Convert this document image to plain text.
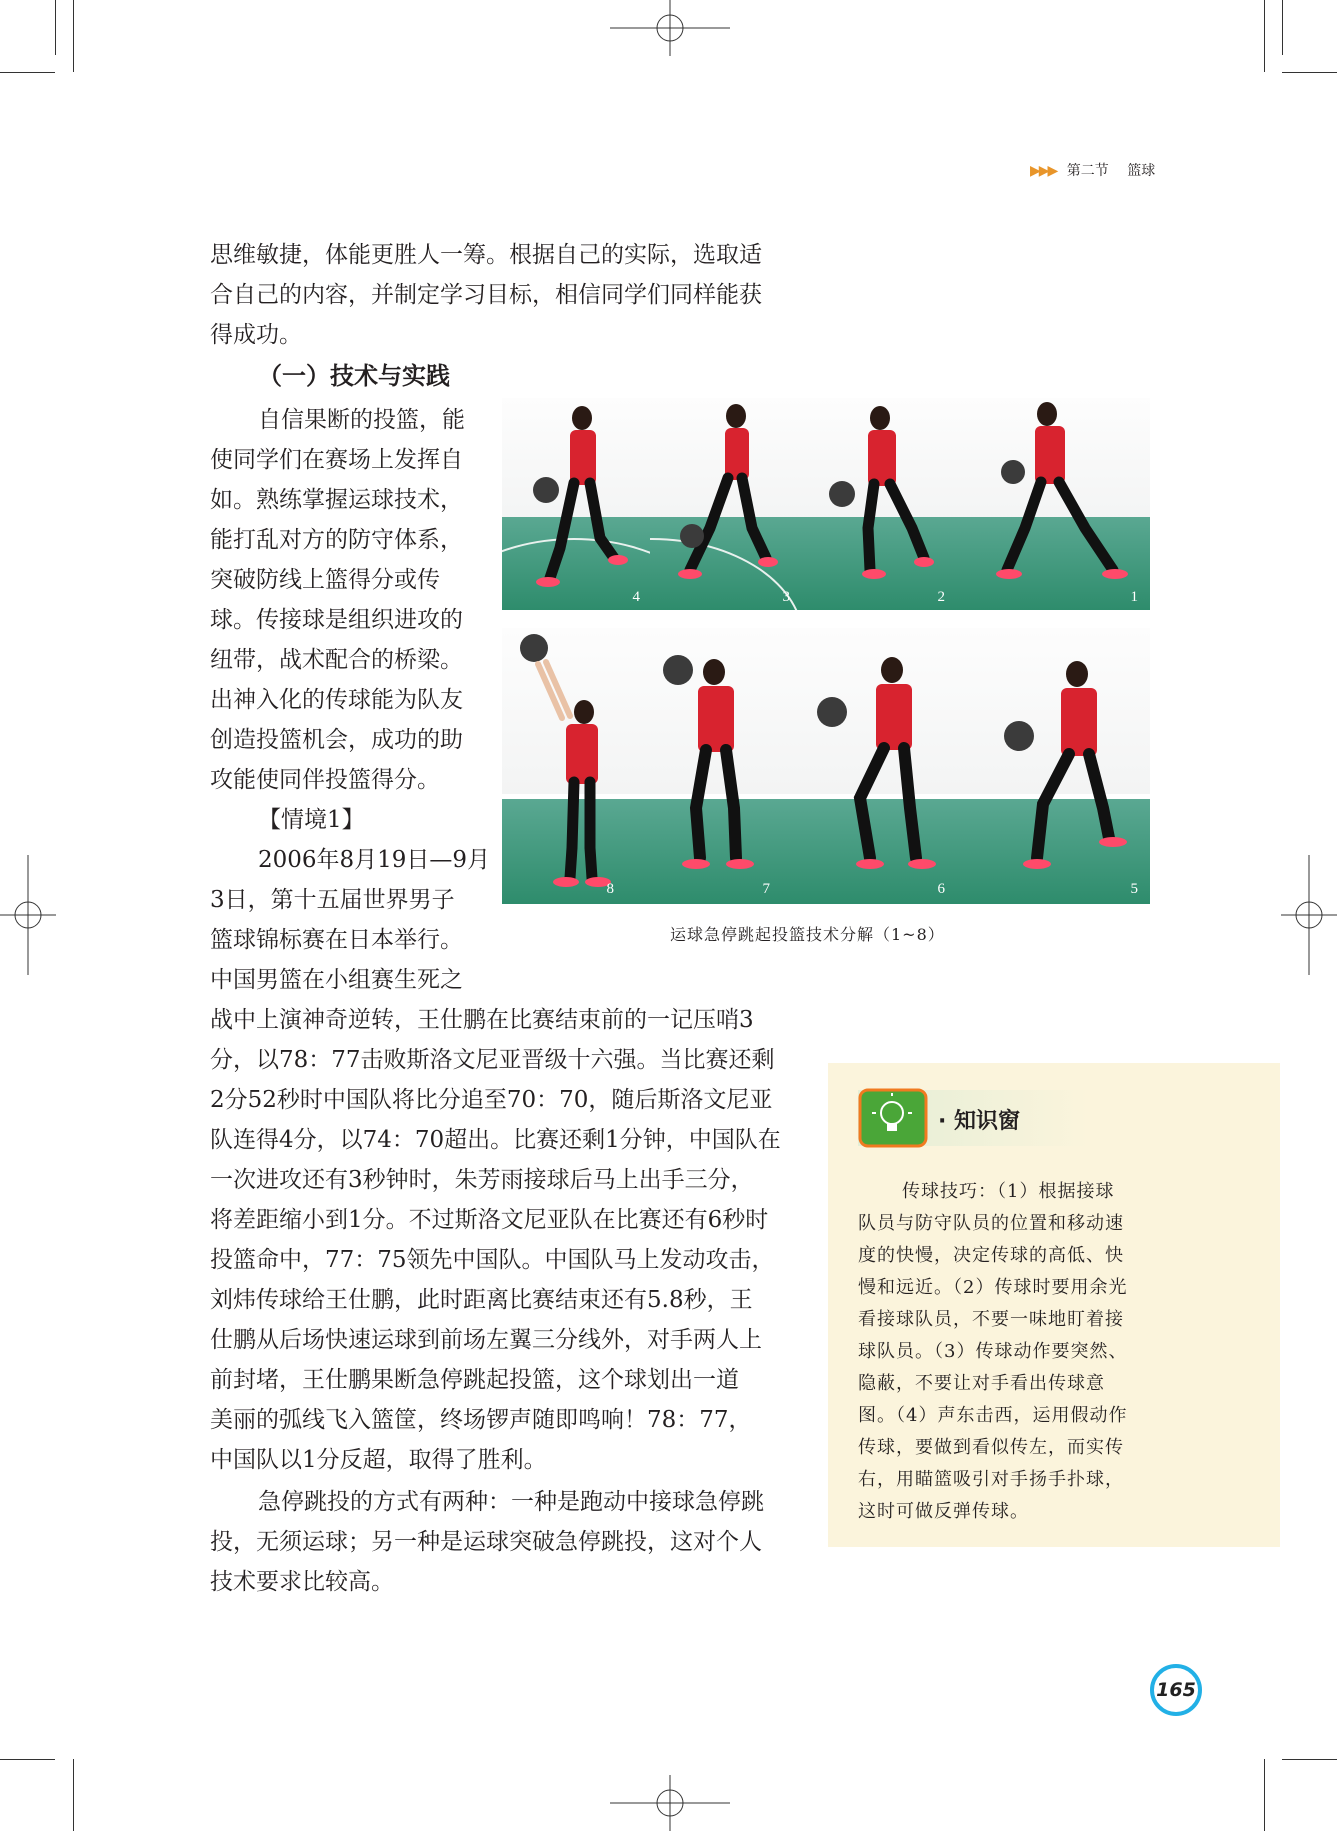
▶▶▶ 第二节 篮球
思维敏捷，体能更胜人一筹。根据自己的实际，选取适
合自己的内容，并制定学习目标，相信同学们同样能获
得成功。
（一）技术与实践
自信果断的投篮，能
使同学们在赛场上发挥自
如。熟练掌握运球技术，
能打乱对方的防守体系，
突破防线上篮得分或传
球。传接球是组织进攻的
纽带，战术配合的桥梁。
出神入化的传球能为队友
创造投篮机会，成功的助
攻能使同伴投篮得分。
【情境1】
2006年8月19日—9月
3日，第十五届世界男子
篮球锦标赛在日本举行。
中国男篮在小组赛生死之
战中上演神奇逆转，王仕鹏在比赛结束前的一记压哨3
分，以78：77击败斯洛文尼亚晋级十六强。当比赛还剩
2分52秒时中国队将比分追至70：70，随后斯洛文尼亚
队连得4分，以74：70超出。比赛还剩1分钟，中国队在
一次进攻还有3秒钟时，朱芳雨接球后马上出手三分，
将差距缩小到1分。不过斯洛文尼亚队在比赛还有6秒时
投篮命中，77：75领先中国队。中国队马上发动攻击，
刘炜传球给王仕鹏，此时距离比赛结束还有5.8秒，王
仕鹏从后场快速运球到前场左翼三分线外，对手两人上
前封堵，王仕鹏果断急停跳起投篮，这个球划出一道
美丽的弧线飞入篮筐，终场锣声随即鸣响！78：77，
中国队以1分反超，取得了胜利。
急停跳投的方式有两种：一种是跑动中接球急停跳
投，无须运球；另一种是运球突破急停跳投，这对个人
技术要求比较高。
4	3	2	1
8	7	6	5
运球急停跳起投篮技术分解（1~8）
· 知识窗
传球技巧：（1）根据接球
队员与防守队员的位置和移动速
度的快慢，决定传球的高低、快
慢和远近。（2）传球时要用余光
看接球队员，不要一味地盯着接
球队员。（3）传球动作要突然、
隐蔽，不要让对手看出传球意
图。（4）声东击西，运用假动作
传球，要做到看似传左，而实传
右，用瞄篮吸引对手扬手扑球，
这时可做反弹传球。
165
